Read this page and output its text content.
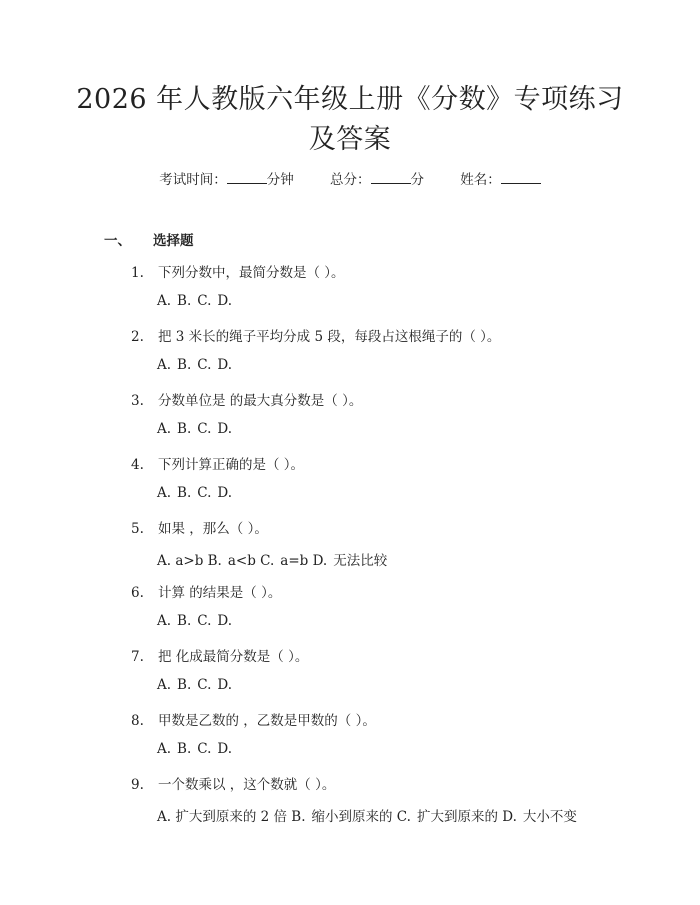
2026 年人教版六年级上册《分数》专项练习
及答案
考试时间：	分钟	总分：	分	姓名：
一、 选择题
1. 下列分数中，最简分数是（ ）。
A. B. C. D.
2. 把 3 米长的绳子平均分成 5 段，每段占这根绳子的（ ）。
A. B. C. D.
3. 分数单位是 的最大真分数是（ ）。
A. B. C. D.
4. 下列计算正确的是（ ）。
A. B. C. D.
5. 如果 ，那么（ ）。
A. a>b B. a<b C. a=b D. 无法比较
6. 计算 的结果是（ ）。
A. B. C. D.
7. 把 化成最简分数是（ ）。
A. B. C. D.
8. 甲数是乙数的 ，乙数是甲数的（ ）。
A. B. C. D.
9. 一个数乘以 ，这个数就（ ）。
A. 扩大到原来的 2 倍 B. 缩小到原来的 C. 扩大到原来的 D. 大小不变
